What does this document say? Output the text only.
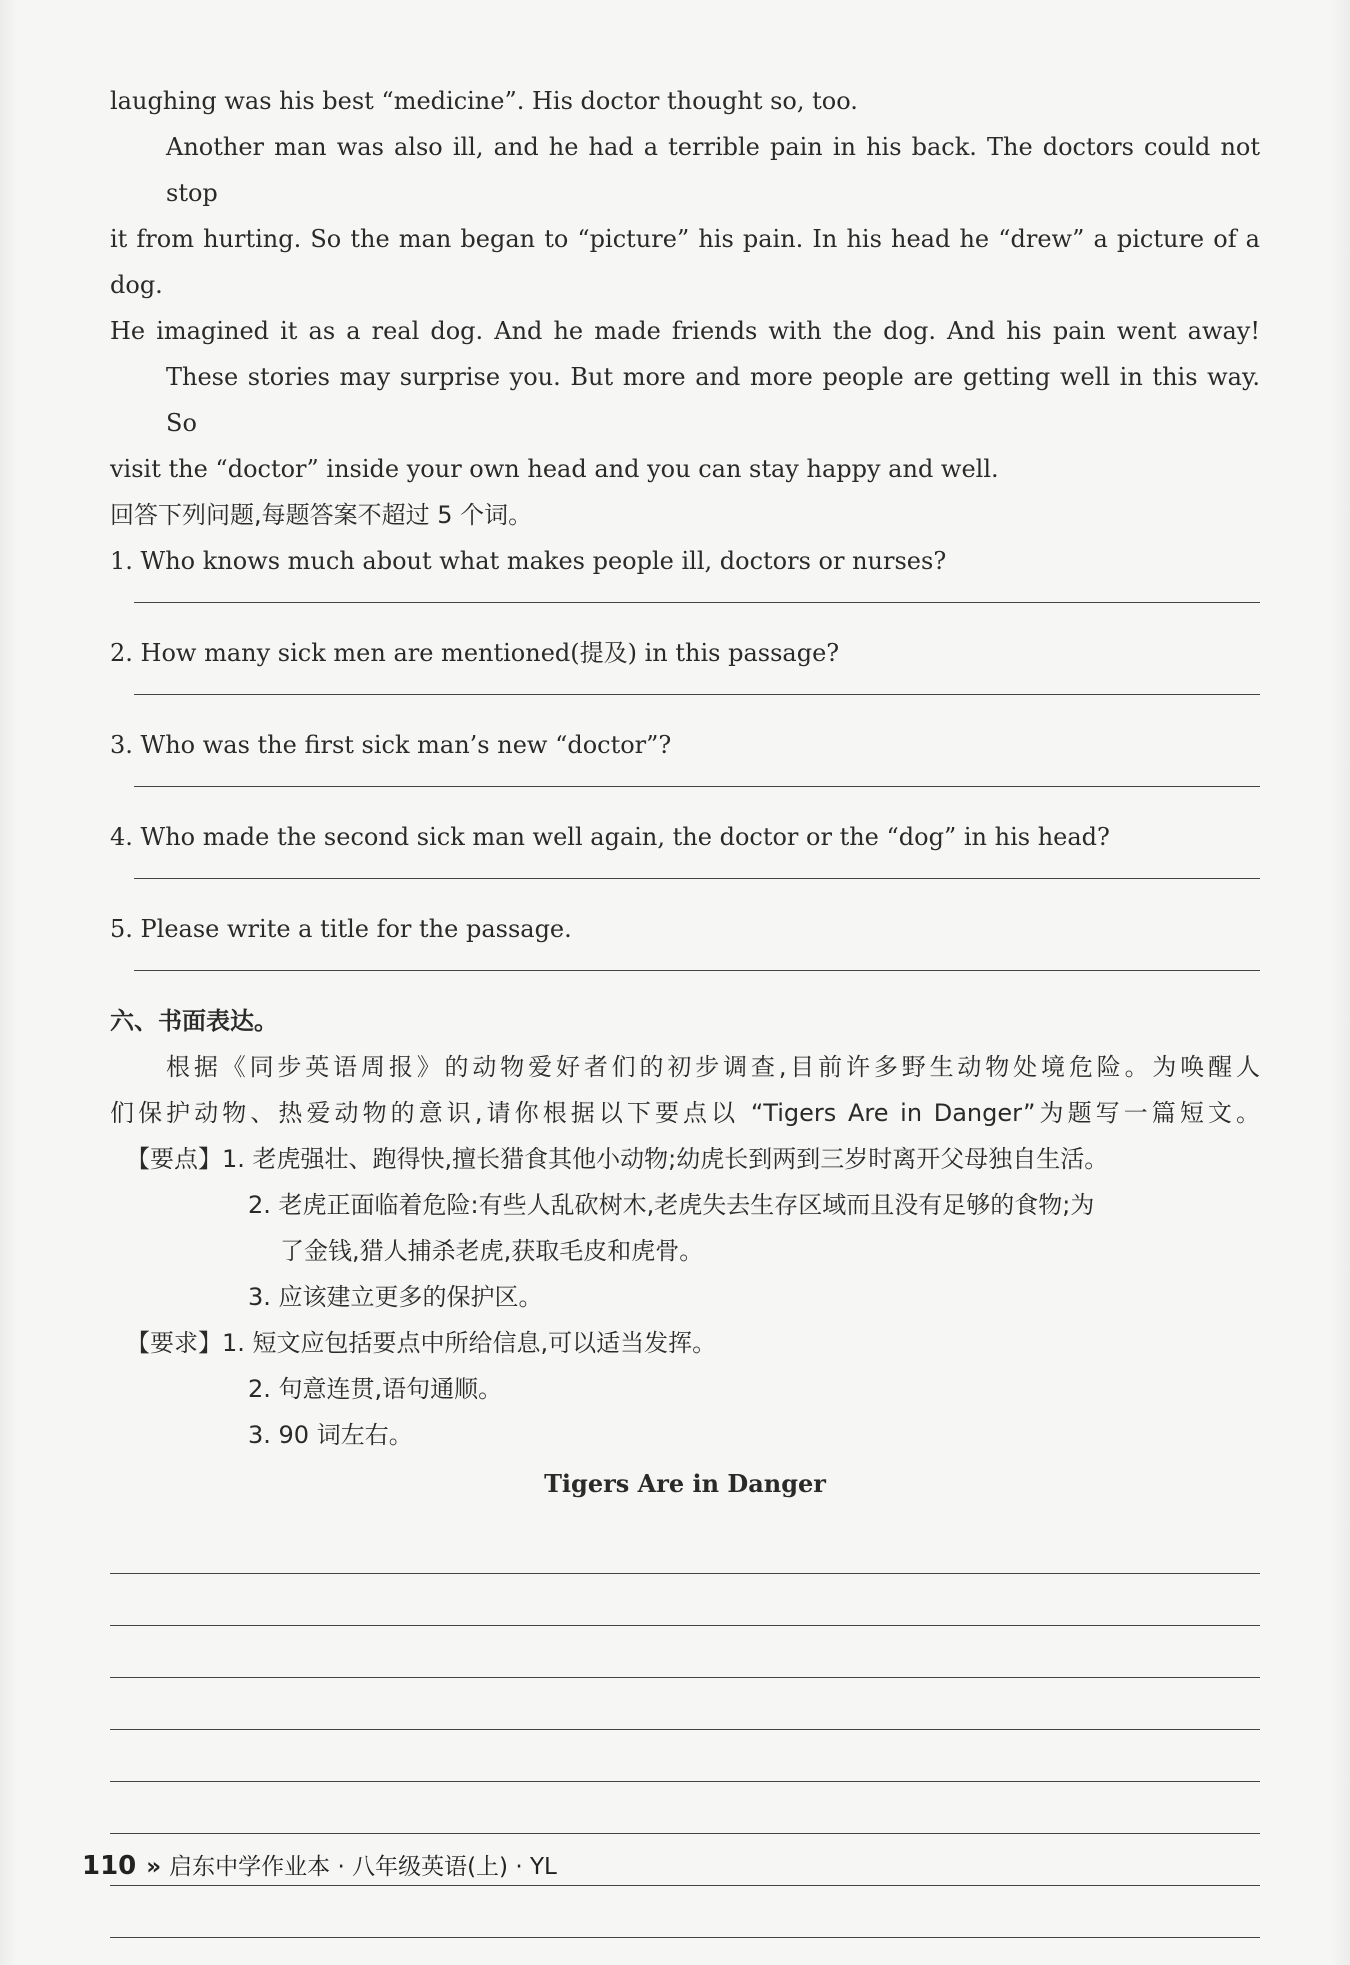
laughing was his best “medicine”. His doctor thought so, too.

Another man was also ill, and he had a terrible pain in his back. The doctors could not stop

it from hurting. So the man began to “picture” his pain. In his head he “drew” a picture of a dog.

He imagined it as a real dog. And he made friends with the dog. And his pain went away!

These stories may surprise you. But more and more people are getting well in this way. So

visit the “doctor” inside your own head and you can stay happy and well.

回答下列问题,每题答案不超过 5 个词。

1. Who knows much about what makes people ill, doctors or nurses?

2. How many sick men are mentioned(提及) in this passage?

3. Who was the first sick man’s new “doctor”?

4. Who made the second sick man well again, the doctor or the “dog” in his head?

5. Please write a title for the passage.

六、书面表达。

根据《同步英语周报》的动物爱好者们的初步调查,目前许多野生动物处境危险。为唤醒人

们保护动物、热爱动物的意识,请你根据以下要点以 “Tigers Are in Danger”为题写一篇短文。

【要点】1. 老虎强壮、跑得快,擅长猎食其他小动物;幼虎长到两到三岁时离开父母独自生活。

2. 老虎正面临着危险:有些人乱砍树木,老虎失去生存区域而且没有足够的食物;为

了金钱,猎人捕杀老虎,获取毛皮和虎骨。

3. 应该建立更多的保护区。

【要求】1. 短文应包括要点中所给信息,可以适当发挥。

2. 句意连贯,语句通顺。

3. 90 词左右。

Tigers Are in Danger

110 » 启东中学作业本 · 八年级英语(上) · YL
